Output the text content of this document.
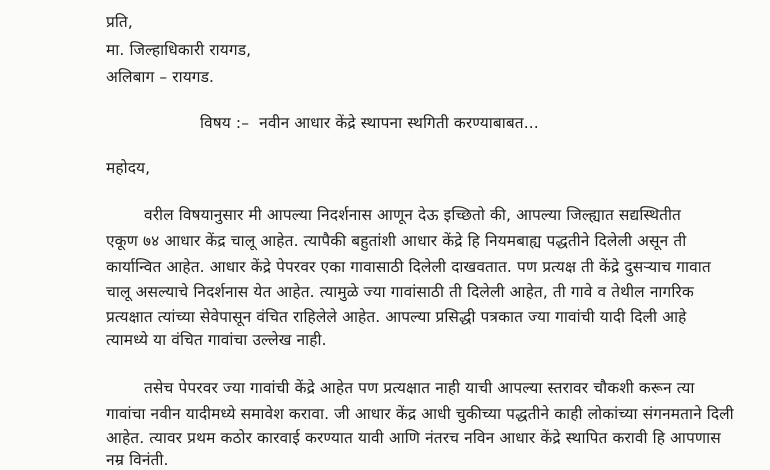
प्रति,
मा. जिल्हाधिकारी रायगड,
अलिबाग – रायगड.
विषय :– नवीन आधार केंद्रे स्थापना स्थगिती करण्याबाबत...
महोदय,
वरील विषयानुसार मी आपल्या निदर्शनास आणून देऊ इच्छितो की, आपल्या जिल्ह्यात सद्यस्थितीत
एकूण ७४ आधार केंद्र चालू आहेत. त्यापैकी बहुतांशी आधार केंद्रे हि नियमबाह्य पद्धतीने दिलेली असून ती
कार्यान्वित आहेत. आधार केंद्रे पेपरवर एका गावासाठी दिलेली दाखवतात. पण प्रत्यक्ष ती केंद्रे दुसऱ्याच गावात
चालू असल्याचे निदर्शनास येत आहेत. त्यामुळे ज्या गावांसाठी ती दिलेली आहेत, ती गावे व तेथील नागरिक
प्रत्यक्षात त्यांच्या सेवेपासून वंचित राहिलेले आहेत. आपल्या प्रसिद्धी पत्रकात ज्या गावांची यादी दिली आहे
त्यामध्ये या वंचित गावांचा उल्लेख नाही.
तसेच पेपरवर ज्या गावांची केंद्रे आहेत पण प्रत्यक्षात नाही याची आपल्या स्तरावर चौकशी करून त्या
गावांचा नवीन यादीमध्ये समावेश करावा. जी आधार केंद्र आधी चुकीच्या पद्धतीने काही लोकांच्या संगनमताने दिली
आहेत. त्यावर प्रथम कठोर कारवाई करण्यात यावी आणि नंतरच नविन आधार केंद्रे स्थापित करावी हि आपणास
नम्र विनंती.
